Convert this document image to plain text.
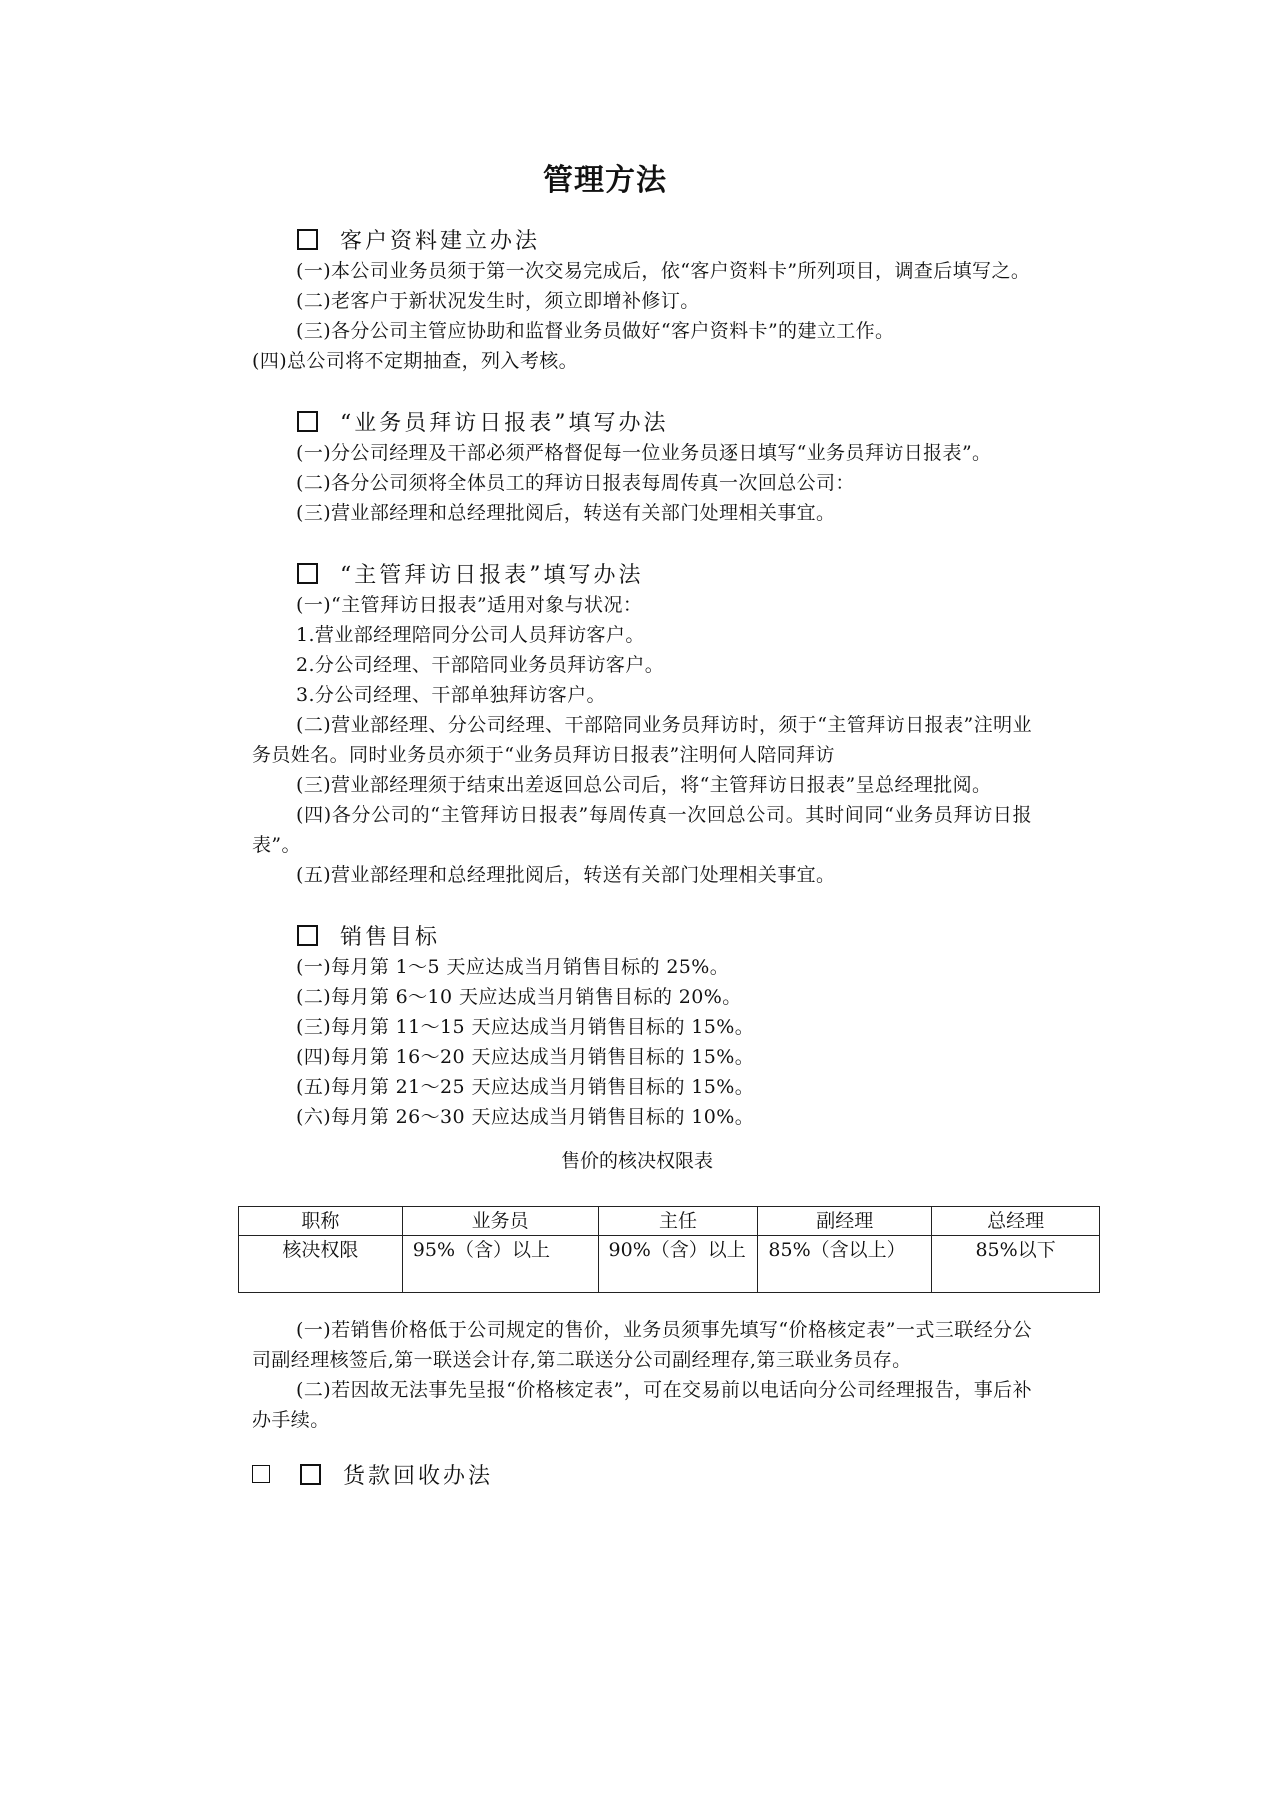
管理方法
客户资料建立办法

(一)本公司业务员须于第一次交易完成后，依“客户资料卡”所列项目，调查后填写之。

(二)老客户于新状况发生时，须立即增补修订。

(三)各分公司主管应协助和监督业务员做好“客户资料卡”的建立工作。

(四)总公司将不定期抽查，列入考核。

“业务员拜访日报表”填写办法

(一)分公司经理及干部必须严格督促每一位业务员逐日填写“业务员拜访日报表”。

(二)各分公司须将全体员工的拜访日报表每周传真一次回总公司：

(三)营业部经理和总经理批阅后，转送有关部门处理相关事宜。

“主管拜访日报表”填写办法

(一)“主管拜访日报表”适用对象与状况：

1.营业部经理陪同分公司人员拜访客户。

2.分公司经理、干部陪同业务员拜访客户。

3.分公司经理、干部单独拜访客户。

(二)营业部经理、分公司经理、干部陪同业务员拜访时，须于“主管拜访日报表”注明业务员姓名。同时业务员亦须于“业务员拜访日报表”注明何人陪同拜访

(三)营业部经理须于结束出差返回总公司后，将“主管拜访日报表”呈总经理批阅。

(四)各分公司的“主管拜访日报表”每周传真一次回总公司。其时间同“业务员拜访日报表”。

(五)营业部经理和总经理批阅后，转送有关部门处理相关事宜。

销售目标

(一)每月第 1～5 天应达成当月销售目标的 25%。

(二)每月第 6～10 天应达成当月销售目标的 20%。

(三)每月第 11～15 天应达成当月销售目标的 15%。

(四)每月第 16～20 天应达成当月销售目标的 15%。

(五)每月第 21～25 天应达成当月销售目标的 15%。

(六)每月第 26～30 天应达成当月销售目标的 10%。

售价的核决权限表
职称	业务员	主任	副经理	总经理
核决权限	95%（含）以上	90%（含）以上	85%（含以上）	85%以下

(一)若销售价格低于公司规定的售价，业务员须事先填写“价格核定表”一式三联经分公司副经理核签后,第一联送会计存,第二联送分公司副经理存,第三联业务员存。

(二)若因故无法事先呈报“价格核定表”，可在交易前以电话向分公司经理报告，事后补办手续。

货款回收办法
